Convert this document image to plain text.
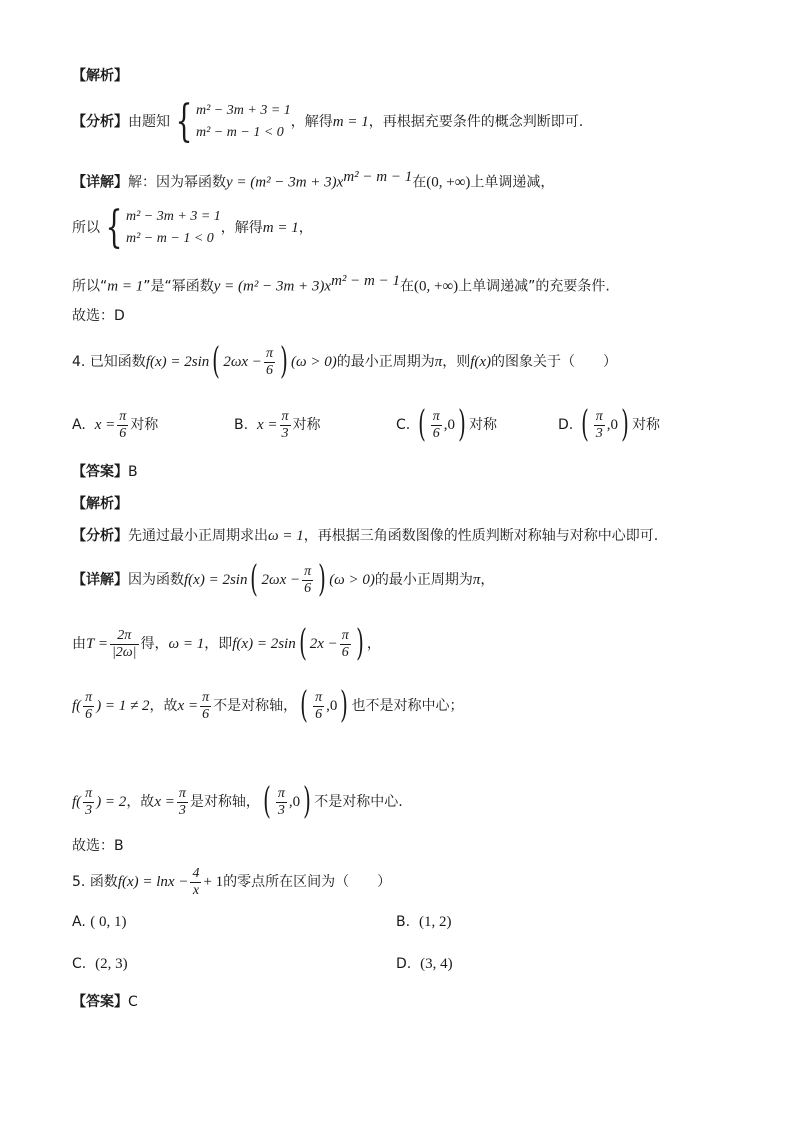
【解析】
【分析】由题知 { m² − 3m + 3 = 1
m² − m − 1 < 0
，解得m = 1，再根据充要条件的概念判断即可.
【详解】解：因为幂函数$y = (m^2 - 3m + 3)x^{m^2 - m - 1}$在(0, +∞)上单调递减，
所以 { m² − 3m + 3 = 1
m² − m − 1 < 0
，解得m = 1，
所以“m = 1”是“幂函数$y = (m^2 - 3m + 3)x^{m^2 - m - 1}$在(0, +∞)上单调递减”的充要条件.
故选：D
4. 已知函数f(x) = 2sin( $2\omega x - \frac{\pi}{6}$ ) (ω > 0)的最小正周期为π，则f(x)的图象关于（　　）
A. $x = \frac{\pi}{6}$ 对称	B. $x = \frac{\pi}{3}$ 对称	C. ( $\frac{\pi}{6} ,0$) 对称	D. ( $\frac{\pi}{3} ,0$) 对称
【答案】B
【解析】
【分析】先通过最小正周期求出ω = 1，再根据三角函数图像的性质判断对称轴与对称中心即可.
【详解】因为函数f(x) = 2sin( $2\omega x - \frac{\pi}{6}$ ) (ω > 0)的最小正周期为π，
由$T = \frac{2\pi}{|2\omega|}$ 得，ω = 1，即f(x) = 2sin( $2x - \frac{\pi}{6}$ ) ，
$f( \frac{\pi}{6}$ ) = 1 ≠ 2，故$x = \frac{\pi}{6}$ 不是对称轴，( $\frac{\pi}{6} ,0$) 也不是对称中心；
$f( \frac{\pi}{3}$ ) = 2，故$x = \frac{\pi}{3}$ 是对称轴，( $\frac{\pi}{3} ,0$) 不是对称中心.
故选：B
5. 函数$f(x) = \ln x - \frac{4}{x} + 1$的零点所在区间为（　　）
A. ( 0, 1)	B. (1, 2)
C. (2, 3)	D. (3, 4)
【答案】C
